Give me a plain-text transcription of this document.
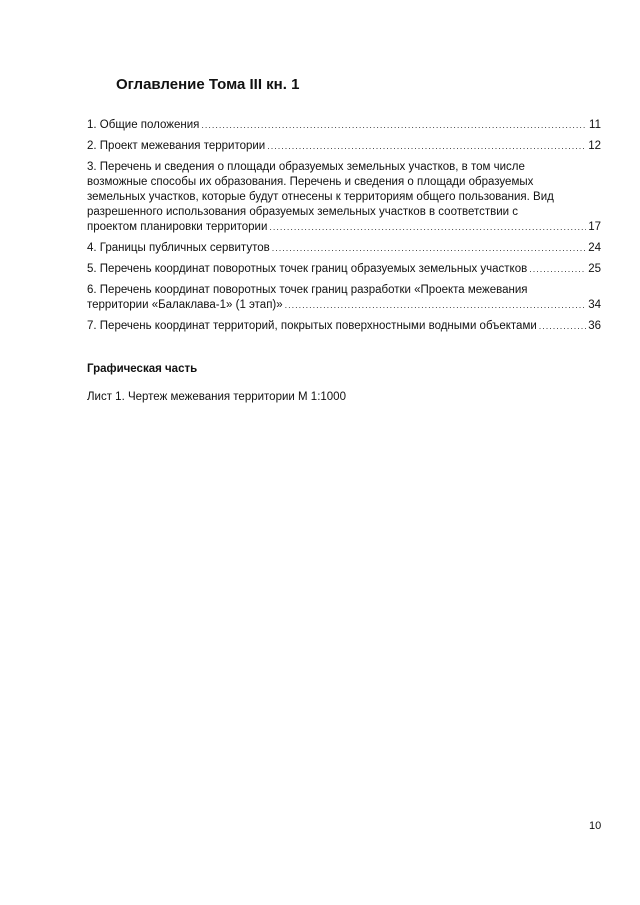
Оглавление Тома III кн. 1
1. Общие положения .....	11
2. Проект межевания территории .....	12
3. Перечень и сведения о площади образуемых земельных участков, в том числе
возможные способы их образования. Перечень и сведения о площади образуемых
земельных участков, которые будут отнесены к территориям общего пользования. Вид
разрешенного использования образуемых земельных участков в соответствии с
проектом планировки территории .....	17
4. Границы публичных сервитутов .....	24
5. Перечень координат поворотных точек границ образуемых земельных участков .....	25
6. Перечень координат поворотных точек границ разработки «Проекта межевания
территории «Балаклава-1» (1 этап)» .....	34
7. Перечень координат территорий, покрытых поверхностными водными объектами .....	36
Графическая часть
Лист 1. Чертеж межевания территории М 1:1000
10
